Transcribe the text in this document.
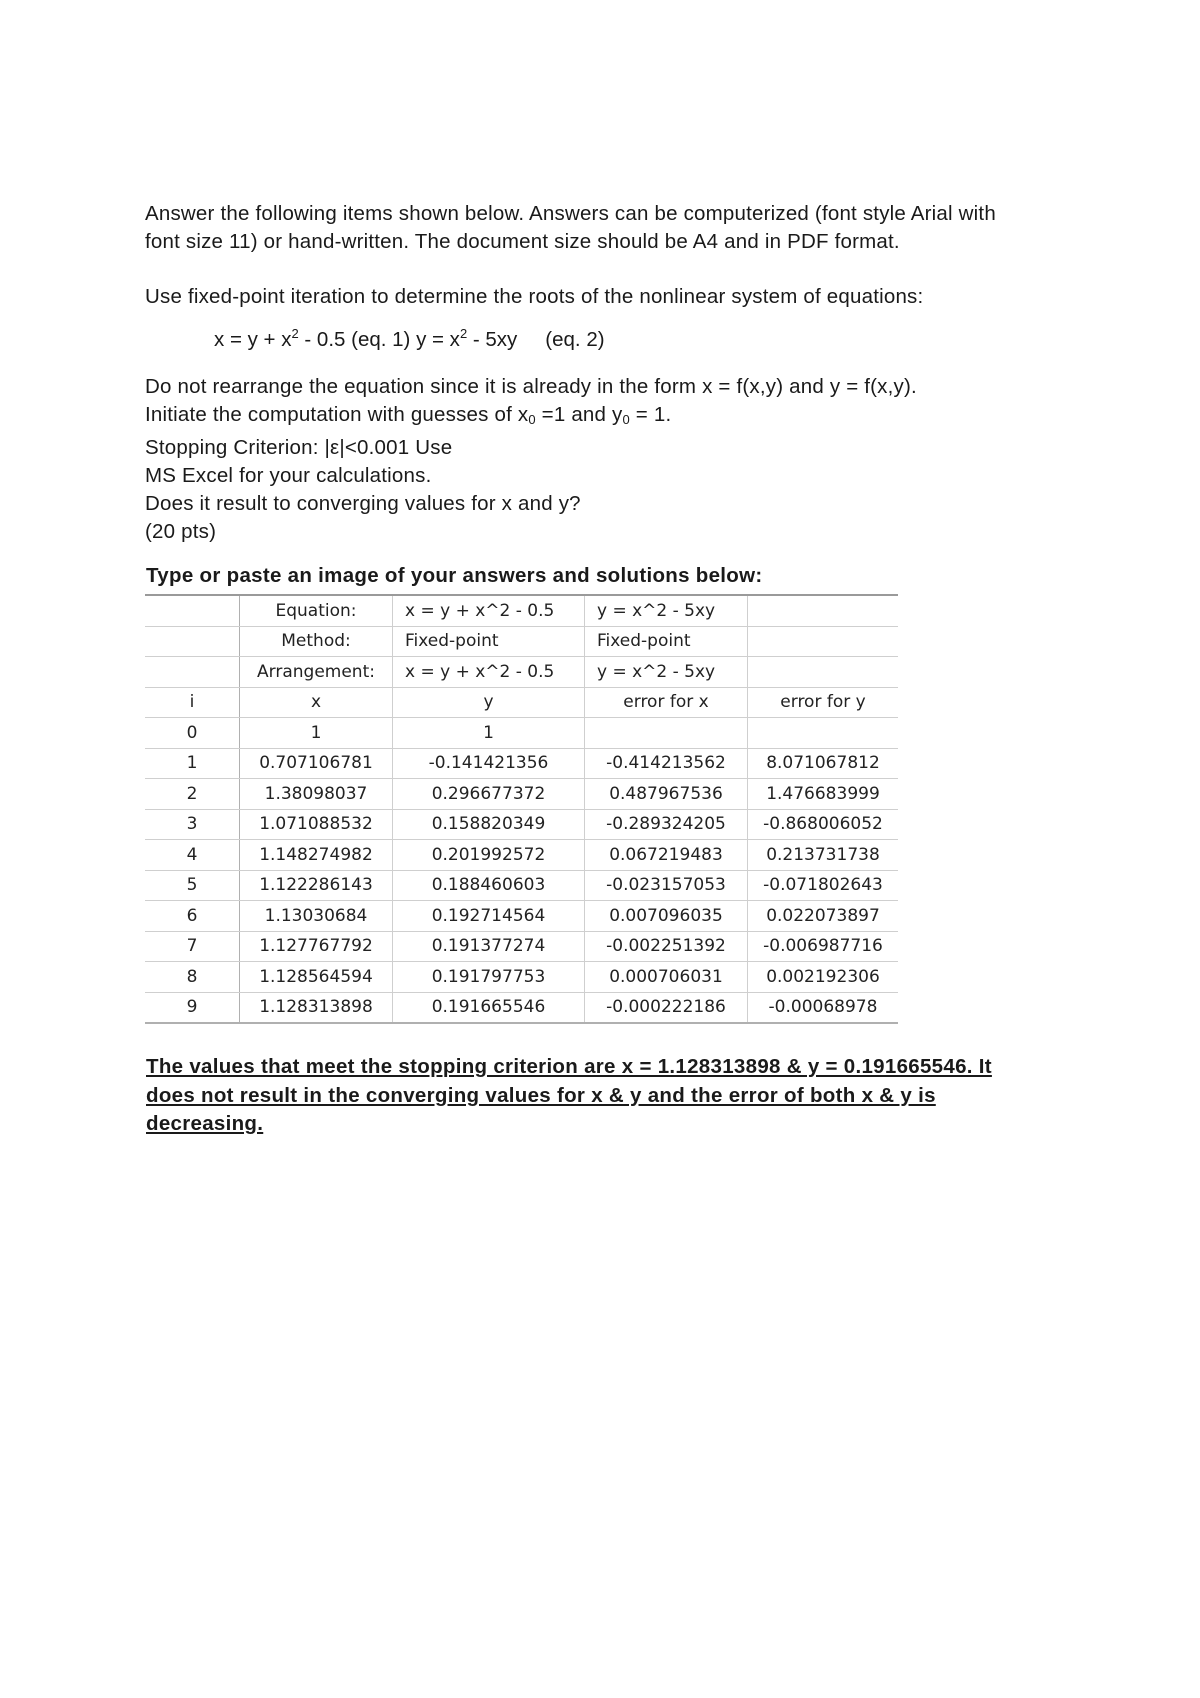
Answer the following items shown below. Answers can be computerized (font style Arial with
font size 11) or hand-written. The document size should be A4 and in PDF format.
Use fixed-point iteration to determine the roots of the nonlinear system of equations:
$x = y + x^2 - 0.5$ (eq. 1) $y = x^2 - 5xy$ (eq. 2)
Do not rearrange the equation since it is already in the form x = f(x,y) and y = f(x,y).
Initiate the computation with guesses of $x_0 =1$ and $y_0 = 1$.
Stopping Criterion: |ε|<0.001 Use
MS Excel for your calculations.
Does it result to converging values for x and y?
(20 pts)
Type or paste an image of your answers and solutions below:
	Equation:	x = y + x^2 - 0.5	y = x^2 - 5xy	
	Method:	Fixed-point	Fixed-point	
	Arrangement:	x = y + x^2 - 0.5	y = x^2 - 5xy	
i	x	y	error for x	error for y
0	1	1		
1	0.707106781	-0.141421356	-0.414213562	8.071067812
2	1.38098037	0.296677372	0.487967536	1.476683999
3	1.071088532	0.158820349	-0.289324205	-0.868006052
4	1.148274982	0.201992572	0.067219483	0.213731738
5	1.122286143	0.188460603	-0.023157053	-0.071802643
6	1.13030684	0.192714564	0.007096035	0.022073897
7	1.127767792	0.191377274	-0.002251392	-0.006987716
8	1.128564594	0.191797753	0.000706031	0.002192306
9	1.128313898	0.191665546	-0.000222186	-0.00068978
The values that meet the stopping criterion are x = 1.128313898 & y = 0.191665546. It does not result in the converging values for x & y and the error of both x & y is decreasing.
